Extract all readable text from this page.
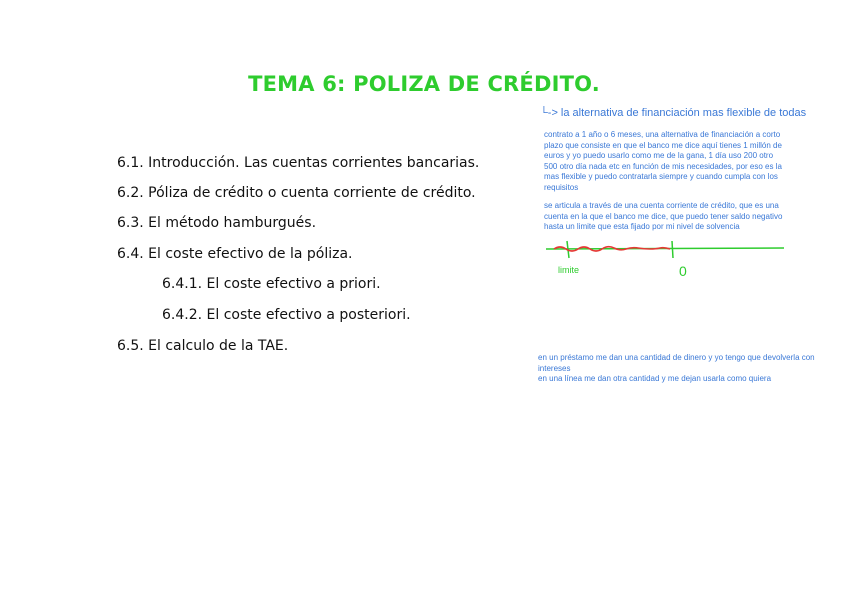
TEMA 6: POLIZA DE CRÉDITO.
6.1. Introducción. Las cuentas corrientes bancarias.
6.2. Póliza de crédito o cuenta corriente de crédito.
6.3. El método hamburgués.
6.4. El coste efectivo de la póliza.
6.4.1. El coste efectivo a priori.
6.4.2. El coste efectivo a posteriori.
6.5. El calculo de la TAE.
└-> la alternativa de financiación mas flexible de todas
contrato a 1 año o 6 meses, una alternativa de financiación a corto
plazo que consiste en que el banco me dice aquí tienes 1 millón de
euros y yo puedo usarlo como me de la gana, 1 día uso 200 otro
500 otro día nada etc en función de mis necesidades, por eso es la
mas flexible y puedo contratarla siempre y cuando cumpla con los
requisitos
se articula a través de una cuenta corriente de crédito, que es una
cuenta en la que el banco me dice, que puedo tener saldo negativo
hasta un limite que esta fijado por mi nivel de solvencia
limite	0
en un préstamo me dan una cantidad de dinero y yo tengo que devolverla con
intereses
en una línea me dan otra cantidad y me dejan usarla como quiera
